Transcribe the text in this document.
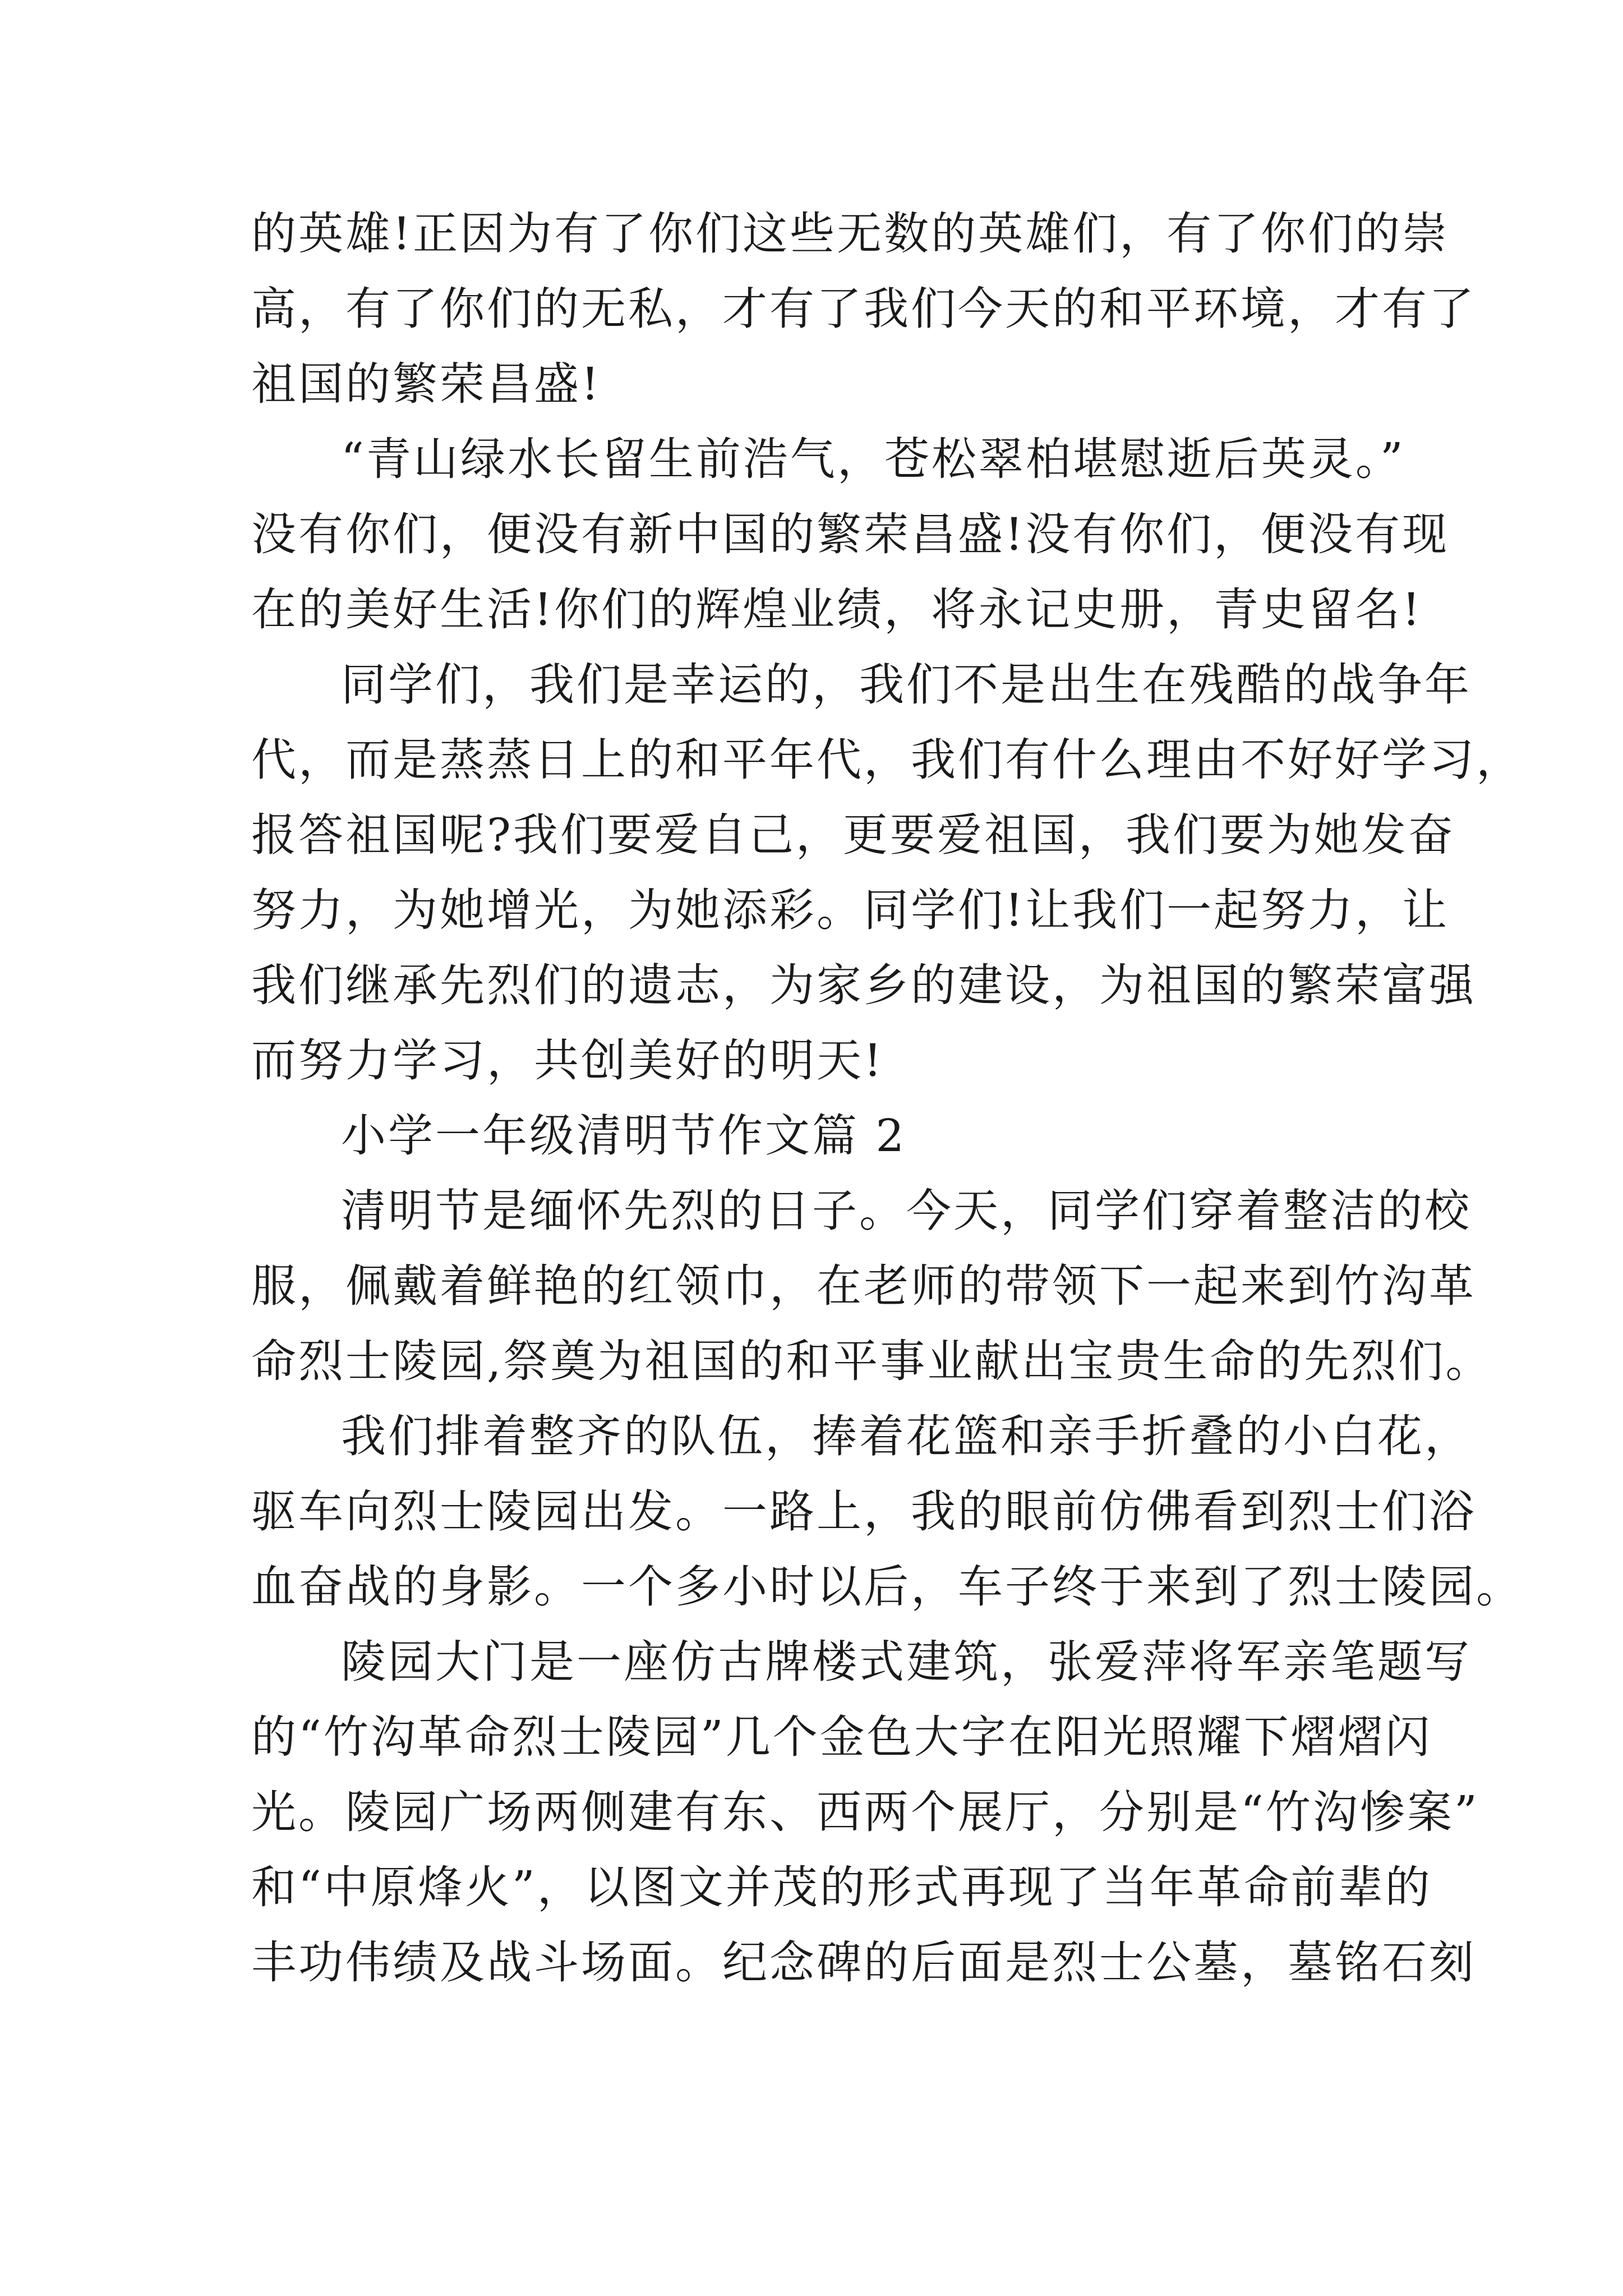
的英雄!正因为有了你们这些无数的英雄们，有了你们的崇
高，有了你们的无私，才有了我们今天的和平环境，才有了
祖国的繁荣昌盛!
“青山绿水长留生前浩气，苍松翠柏堪慰逝后英灵。”
没有你们，便没有新中国的繁荣昌盛!没有你们，便没有现
在的美好生活!你们的辉煌业绩，将永记史册，青史留名!
同学们，我们是幸运的，我们不是出生在残酷的战争年
代，而是蒸蒸日上的和平年代，我们有什么理由不好好学习，
报答祖国呢?我们要爱自己，更要爱祖国，我们要为她发奋
努力，为她增光，为她添彩。同学们!让我们一起努力，让
我们继承先烈们的遗志，为家乡的建设，为祖国的繁荣富强
而努力学习，共创美好的明天!
小学一年级清明节作文篇 2
清明节是缅怀先烈的日子。今天，同学们穿着整洁的校
服，佩戴着鲜艳的红领巾，在老师的带领下一起来到竹沟革
命烈士陵园,祭奠为祖国的和平事业献出宝贵生命的先烈们。
我们排着整齐的队伍，捧着花篮和亲手折叠的小白花，
驱车向烈士陵园出发。一路上，我的眼前仿佛看到烈士们浴
血奋战的身影。一个多小时以后，车子终于来到了烈士陵园。
陵园大门是一座仿古牌楼式建筑，张爱萍将军亲笔题写
的“竹沟革命烈士陵园”几个金色大字在阳光照耀下熠熠闪
光。陵园广场两侧建有东、西两个展厅，分别是“竹沟惨案”
和“中原烽火”，以图文并茂的形式再现了当年革命前辈的
丰功伟绩及战斗场面。纪念碑的后面是烈士公墓，墓铭石刻
